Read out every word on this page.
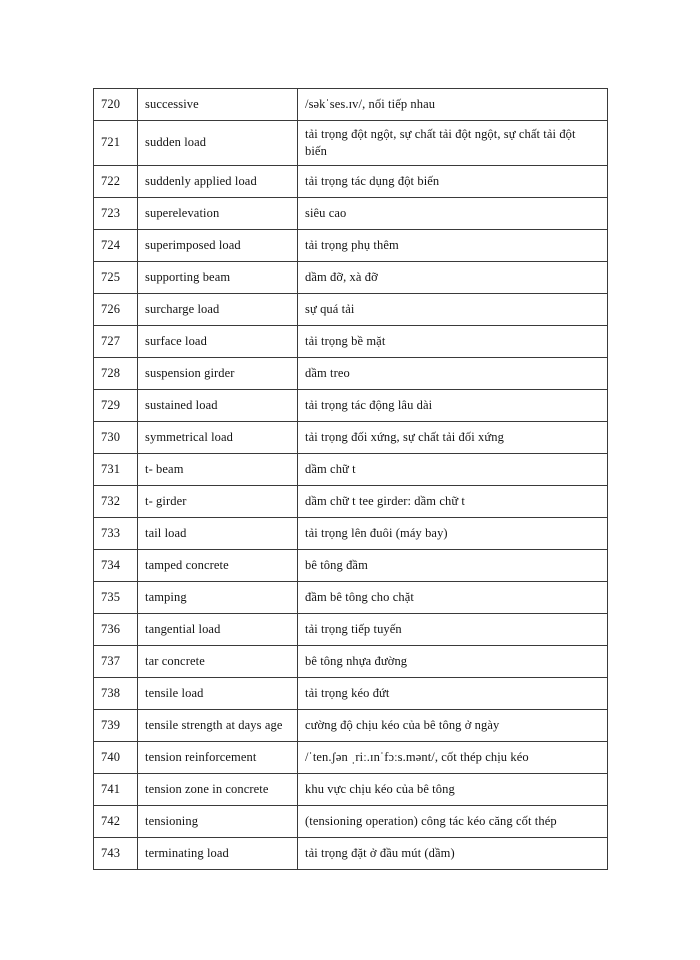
720	successive	/səkˈses.ɪv/, nối tiếp nhau
721	sudden load	tải trọng đột ngột, sự chất tải đột ngột, sự chất tải đột biến
722	suddenly applied load	tải trọng tác dụng đột biến
723	superelevation	siêu cao
724	superimposed load	tải trọng phụ thêm
725	supporting beam	dầm đỡ, xà đỡ
726	surcharge load	sự quá tải
727	surface load	tải trọng bề mặt
728	suspension girder	dầm treo
729	sustained load	tải trọng tác động lâu dài
730	symmetrical load	tải trọng đối xứng, sự chất tải đối xứng
731	t- beam	dầm chữ t
732	t- girder	dầm chữ t tee girder: dầm chữ t
733	tail load	tải trọng lên đuôi (máy bay)
734	tamped concrete	bê tông đầm
735	tamping	đầm bê tông cho chặt
736	tangential load	tải trọng tiếp tuyến
737	tar concrete	bê tông nhựa đường
738	tensile load	tải trọng kéo đứt
739	tensile strength at days age	cường độ chịu kéo của bê tông ở ngày
740	tension reinforcement	/ˈten.ʃən ˌriː.ɪnˈfɔːs.mənt/, cốt thép chịu kéo
741	tension zone in concrete	khu vực chịu kéo của bê tông
742	tensioning	(tensioning operation) công tác kéo căng cốt thép
743	terminating load	tải trọng đặt ở đầu mút (dầm)
